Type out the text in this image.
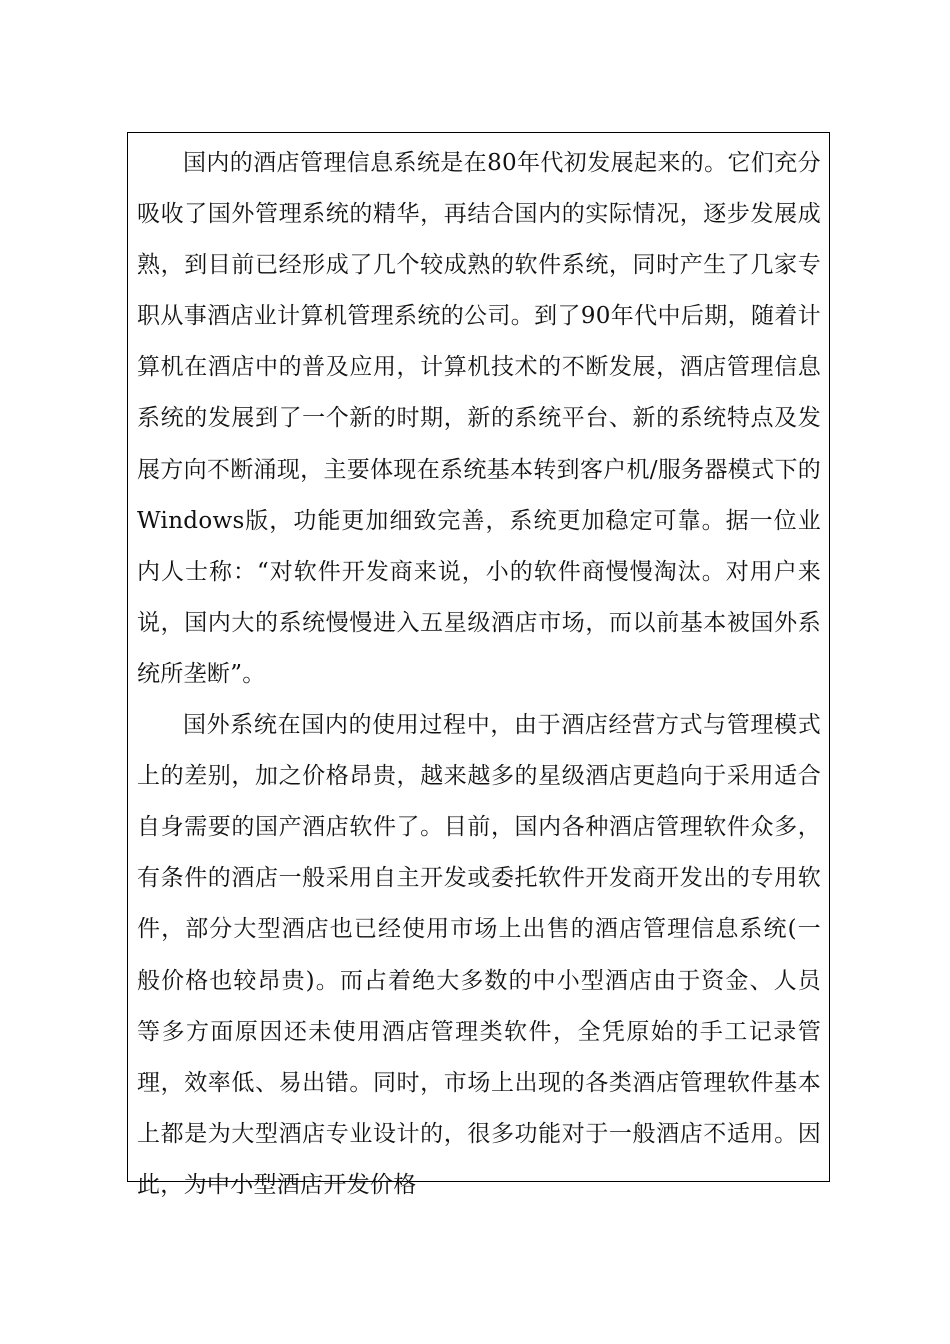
国内的酒店管理信息系统是在80年代初发展起来的。它们充分吸收了国外管理系统的精华，再结合国内的实际情况，逐步发展成熟，到目前已经形成了几个较成熟的软件系统，同时产生了几家专职从事酒店业计算机管理系统的公司。到了90年代中后期，随着计算机在酒店中的普及应用，计算机技术的不断发展，酒店管理信息系统的发展到了一个新的时期，新的系统平台、新的系统特点及发展方向不断涌现，主要体现在系统基本转到客户机/服务器模式下的Windows版，功能更加细致完善，系统更加稳定可靠。据一位业内人士称：“对软件开发商来说，小的软件商慢慢淘汰。对用户来说，国内大的系统慢慢进入五星级酒店市场，而以前基本被国外系统所垄断”。

国外系统在国内的使用过程中，由于酒店经营方式与管理模式上的差别，加之价格昂贵，越来越多的星级酒店更趋向于采用适合自身需要的国产酒店软件了。目前，国内各种酒店管理软件众多，有条件的酒店一般采用自主开发或委托软件开发商开发出的专用软件，部分大型酒店也已经使用市场上出售的酒店管理信息系统(一般价格也较昂贵)。而占着绝大多数的中小型酒店由于资金、人员等多方面原因还未使用酒店管理类软件，全凭原始的手工记录管理，效率低、易出错。同时，市场上出现的各类酒店管理软件基本上都是为大型酒店专业设计的，很多功能对于一般酒店不适用。因此，为中小型酒店开发价格
